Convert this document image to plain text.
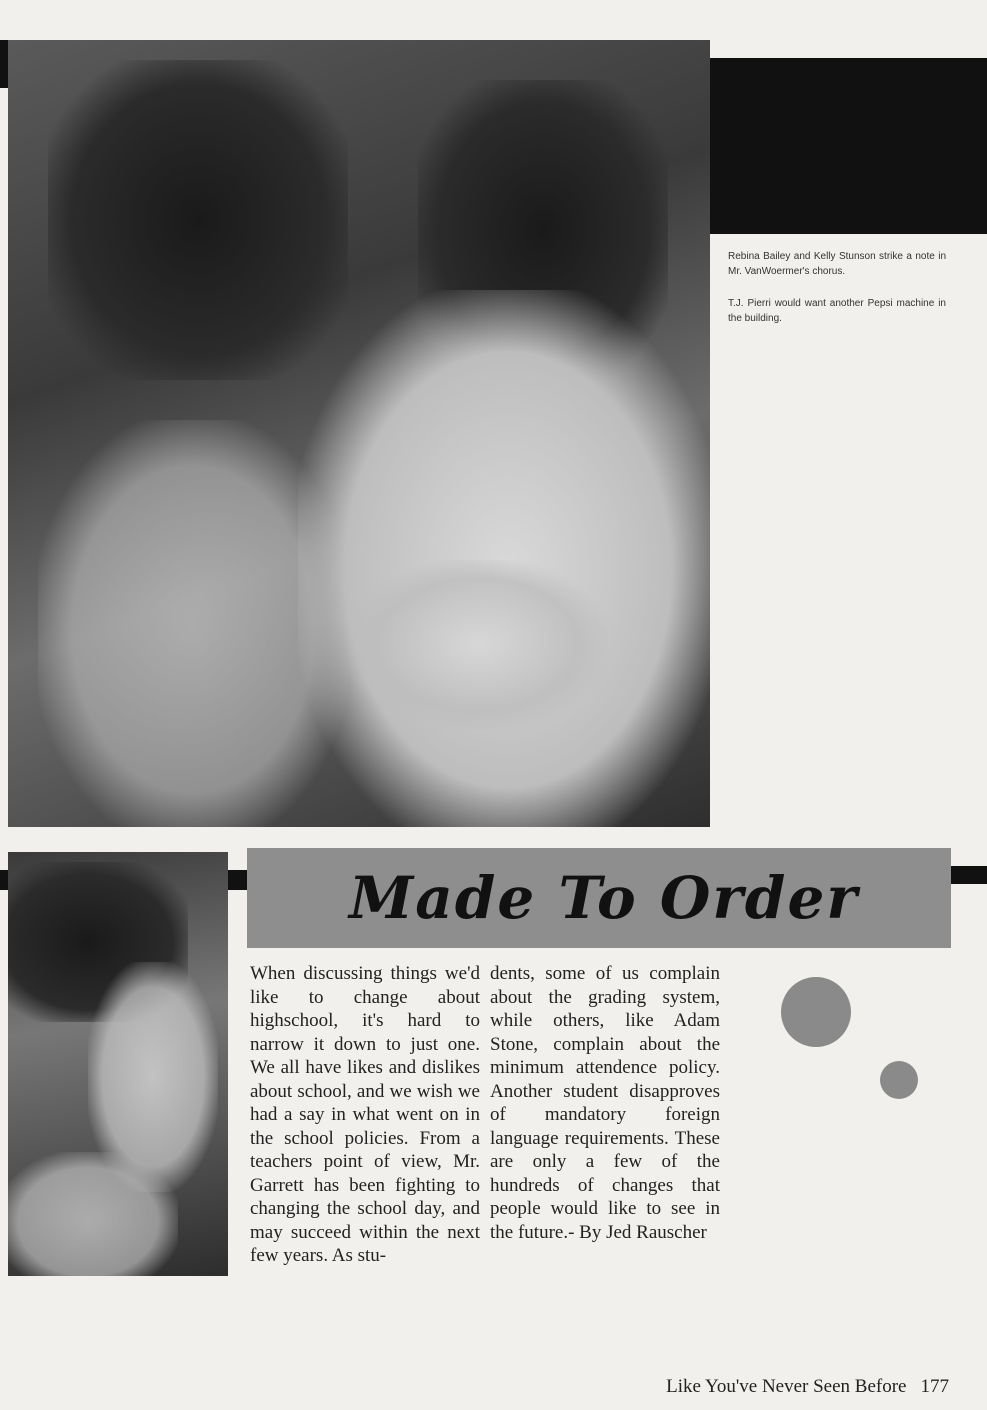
Rebina Bailey and Kelly Stunson strike a note in Mr. VanWoermer's chorus.
T.J. Pierri would want another Pepsi machine in the building.
Made To Order
When discussing things we'd like to change about highschool, it's hard to narrow it down to just one. We all have likes and dislikes about school, and we wish we had a say in what went on in the school policies. From a teachers point of view, Mr. Garrett has been fighting to changing the school day, and may succeed within the next few years. As stu-
dents, some of us complain about the grading system, while others, like Adam Stone, complain about the minimum attendence policy. Another student disapproves of mandatory foreign language requirements. These are only a few of the hundreds of changes that people would like to see in the future.- By Jed Rauscher
Like You've Never Seen Before 177
